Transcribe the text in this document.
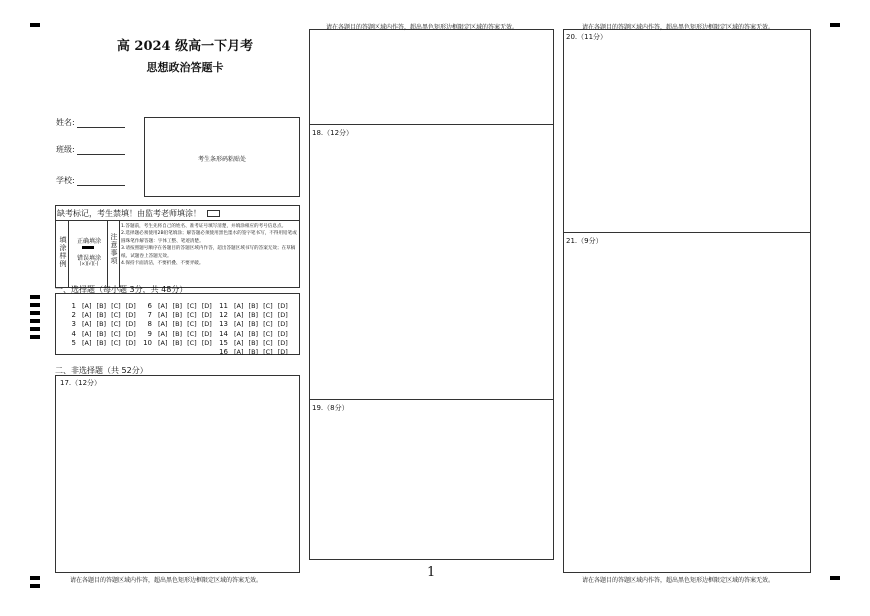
高 2024 级高一下月考
思想政治答题卡
姓名:
班级:
学校:
考生条形码粘贴处
缺考标记，考生禁填！由监考老师填涂！
填涂样例	正确填涂
错误填涂
[×][√][-]	注意事项
1.答题前，考生先将自己的姓名、准考证号填写清楚，并填涂相应的考号信息点。
2.选择题必须使用2B铅笔填涂；解答题必须使用黑色墨水的签字笔书写，不得用铅笔或圆珠笔作解答题：字体工整、笔迹清楚。
3.请按照题号顺序在各题目的答题区域内作答，超出答题区域书写的答案无效；在草稿纸、试题卷上答题无效。
4.保持卡面清洁，不要折叠、不要弄破。
一、选择题（每小题 3分，共 48分）
1 [A] [B] [C] [D]
2 [A] [B] [C] [D]
3 [A] [B] [C] [D]
4 [A] [B] [C] [D]
5 [A] [B] [C] [D]
6 [A] [B] [C] [D]
7 [A] [B] [C] [D]
8 [A] [B] [C] [D]
9 [A] [B] [C] [D]
10 [A] [B] [C] [D]
11 [A] [B] [C] [D]
12 [A] [B] [C] [D]
13 [A] [B] [C] [D]
14 [A] [B] [C] [D]
15 [A] [B] [C] [D]
16 [A] [B] [C] [D]
二、非选择题（共 52分）
17.（12分）
请在各题目的答题区域内作答，超出黑色矩形边框限定区域的答案无效。
请在各题目的答题区域内作答，超出黑色矩形边框限定区域的答案无效。
18.（12分）
19.（8分）
1
请在各题目的答题区域内作答，超出黑色矩形边框限定区域的答案无效。
20.（11分）
21.（9分）
请在各题目的答题区域内作答，超出黑色矩形边框限定区域的答案无效。
